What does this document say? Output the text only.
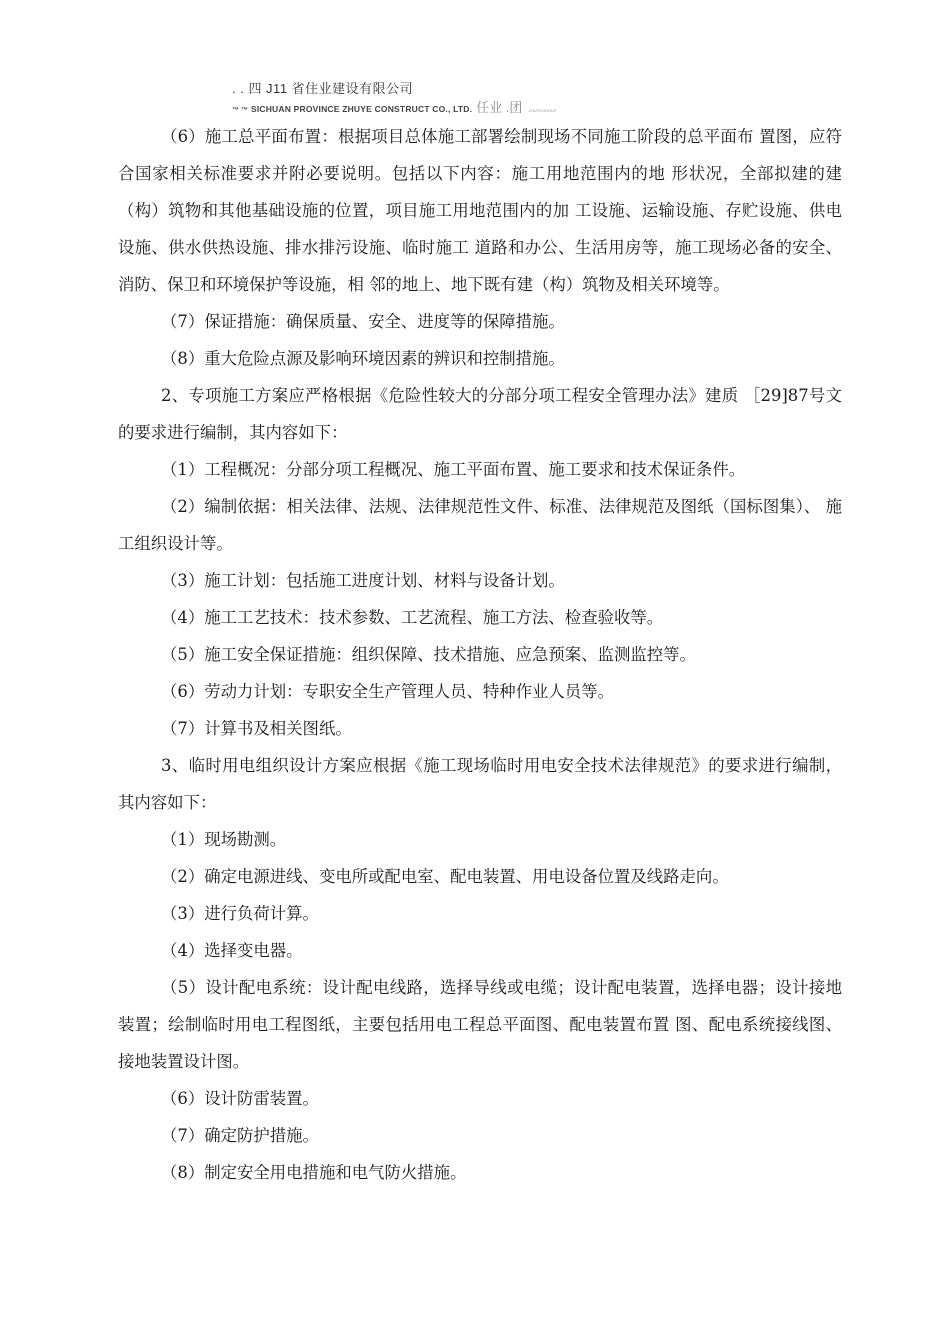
. . 四 J11 省住业建设有限公司
™ ™ SICHUAN PROVINCE ZHUYE CONSTRUCT CO., LTD. 任业 .团 ZHUYEGROUP

（6）施工总平面布置：根据项目总体施工部署绘制现场不同施工阶段的总平面布 置图，应符合国家相关标准要求并附必要说明。包括以下内容：施工用地范围内的地 形状况，全部拟建的建（构）筑物和其他基础设施的位置，项目施工用地范围内的加 工设施、运输设施、存贮设施、供电设施、供水供热设施、排水排污设施、临时施工 道路和办公、生活用房等，施工现场必备的安全、消防、保卫和环境保护等设施，相 邻的地上、地下既有建（构）筑物及相关环境等。

（7）保证措施：确保质量、安全、进度等的保障措施。

（8）重大危险点源及影响环境因素的辨识和控制措施。

2、专项施工方案应严格根据《危险性较大的分部分项工程安全管理办法》建质 ［29]87号文的要求进行编制，其内容如下：

（1）工程概况：分部分项工程概况、施工平面布置、施工要求和技术保证条件。

（2）编制依据：相关法律、法规、法律规范性文件、标准、法律规范及图纸（国标图集）、 施工组织设计等。

（3）施工计划：包括施工进度计划、材料与设备计划。

（4）施工工艺技术：技术参数、工艺流程、施工方法、检查验收等。

（5）施工安全保证措施：组织保障、技术措施、应急预案、监测监控等。

（6）劳动力计划：专职安全生产管理人员、特种作业人员等。

（7）计算书及相关图纸。

3、临时用电组织设计方案应根据《施工现场临时用电安全技术法律规范》的要求进行编制，其内容如下：

（1）现场勘测。

（2）确定电源进线、变电所或配电室、配电装置、用电设备位置及线路走向。

（3）进行负荷计算。

（4）选择变电器。

（5）设计配电系统：设计配电线路，选择导线或电缆；设计配电装置，选择电器；设计接地装置；绘制临时用电工程图纸，主要包括用电工程总平面图、配电装置布置 图、配电系统接线图、接地装置设计图。

（6）设计防雷装置。

（7）确定防护措施。

（8）制定安全用电措施和电气防火措施。
